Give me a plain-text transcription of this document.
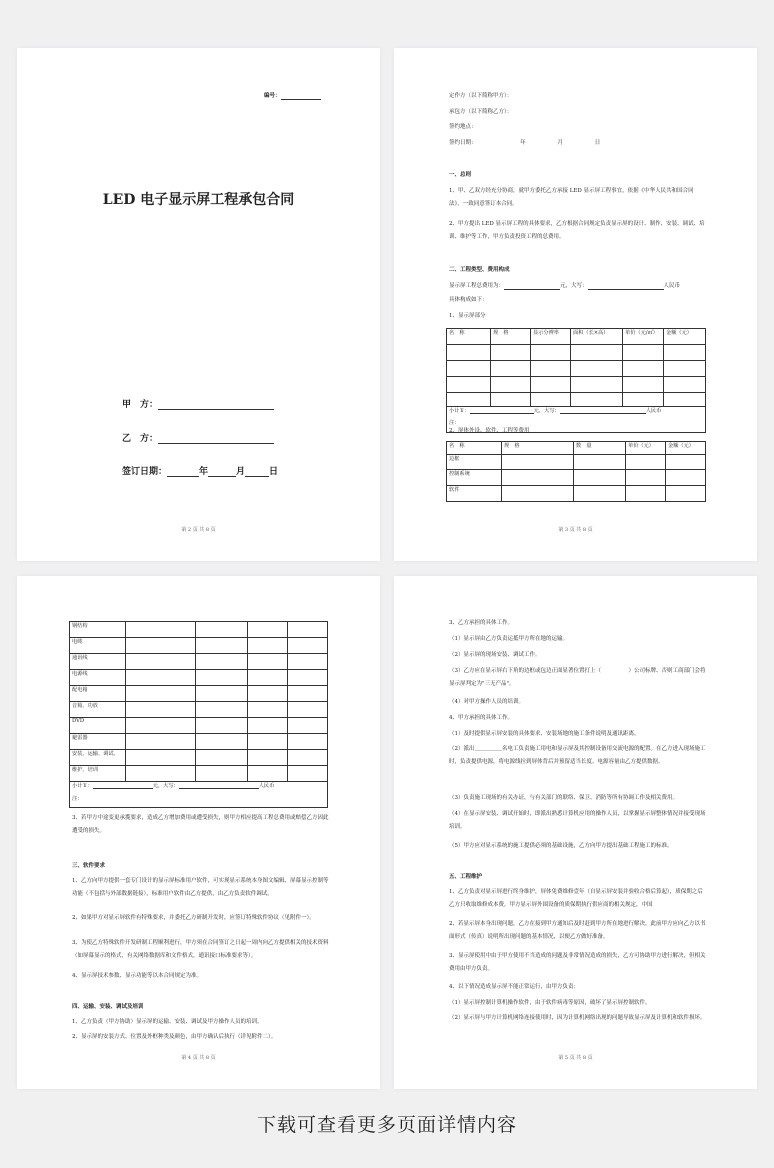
编号：
LED 电子显示屏工程承包合同
甲　方：
乙　方：
签订日期：	年	月	日
第 2 页 共 8 页
定作方（以下简称甲方）：
承包方（以下简称乙方）：
签约地点：
签约日期：	年	月	日
一、总则
1、甲、乙双方经充分协商，就甲方委托乙方承接 LED 显示屏工程事宜，依据《中华人民共和国合同法》，一致同意签订本合同。
2、甲方提出 LED 显示屏工程的具体要求，乙方根据合同规定负责显示屏的设计、制作、安装、调试、培训、维护等工作，甲方负责投资工程的总费用。
二、工程类型、费用构成
显示屏工程总费用为：	元，大写：	人民币
具体构成如下：
1、显示屏部分
名　称	规　格	显示分辨率	面积（长×高）	单价（元/㎡）	金额（元）

小计￥： 元，大写： 人民币					
注：					
2、屏体外设、软件、工程等费用
名　称	规　格	数　量	单价（元）	金额（元）
边框				
控制系统				
软件				
第 3 页 共 8 页
钢结构				
电缆				
通讯线				
电源线				
配电箱				
音箱、功放				
DVD				
避雷器				
安装、运输、调试、				
维护、培训				
小计￥： 元，大写： 人民币				
注：				
3、若甲方中途变更承揽要求，造成乙方增加费用或遭受损失，则甲方相应提高工程总费用或赔偿乙方因此遭受的损失。
三、软件要求
1、乙方向甲方提供一套专门设计的显示屏标准用户软件，可实现显示系统本身图文编辑、屏幕显示控制等功能（不包括与外部数据链接），标准用户软件由乙方提供，由乙方负责软件调试。
2、如果甲方对显示屏软件有特殊要求，并委托乙方研制开发时，应签订特殊软件协议（见附件一）。
3、为使乙方特殊软件开发研制工程顺利进行，甲方须在合同签订之日起一周内向乙方提供相关的技术资料（如屏幕显示的格式，有关网络数据库和文件格式，通讯接口标准要求等）。
4、显示屏技术参数、显示功能等以本合同规定为准。
四、运输、安装、调试及培训
1、乙方负责（甲方协助）显示屏的运输、安装、调试及甲方操作人员的培训。
2、显示屏的安装方式、位置及外框种类及颜色，由甲方确认后执行（详见附件二）。
第 4 页 共 8 页
3、乙方承担的具体工作。
（1）显示屏由乙方负责运抵甲方所在地的运输。
（2）显示屏的现场安装、调试工作。
（3）乙方应在显示屏右下角的边框或包边正面显著位置打上（　　　　　）公司标牌、否则工商部门会将显示屏判定为"三无产品"。
（4）对甲方操作人员的培训。
4、甲方承担的具体工作。
（1）及时提供显示屏安装的具体要求、安装场地的施工条件说明及通讯距离。
（2）派出＿＿＿＿＿名电工负责施工用电和显示屏及其控制设备用交流电源的配置。在乙方进入现场施工时，负责提供电源，将电源线拉到屏体背后并预留适当长度。电源容量由乙方提供数据。
（3）负责施工现场的有关办证，与有关部门的联络、保卫、消防等所有协调工作及相关费用。
（4）在显示屏安装、调试开始时，即派出熟悉计算机应用的操作人员，以掌握显示屏整体情况并接受现场培训。
（5）甲方应对显示系统的施工提供必须的基础设施，乙方向甲方提出基础工程施工的标准。
五、工程维护
1、乙方负责对显示屏进行终身维护，屏体免费维修壹年（自显示屏安装并验收合格后算起），质保期之后乙方只收取维修成本费，甲方显示屏外围设备的质保期执行供应商的相关规定，中国
2、若显示屏本身出现问题，乙方在接到甲方通知后及时赶到甲方所在地进行解决。此前甲方应向乙方以书面形式（传真）说明所出现问题的基本情况，以便乙方做好准备。
3、显示屏使用中由于甲方使用不当造成的问题及非常情况造成的损失，乙方可协助甲方进行解决，但相关费用由甲方负责。
4、以下情况造成显示屏不能正常运行，由甲方负责：
（1）显示屏控制计算机操作软件，由于软件病毒等原因，破坏了显示屏控制软件。
（2）显示屏与甲方计算机网络连接使用时，因为计算机网络出现的问题导致显示屏及计算机和软件损坏。
第 5 页 共 8 页
下载可查看更多页面详情内容
